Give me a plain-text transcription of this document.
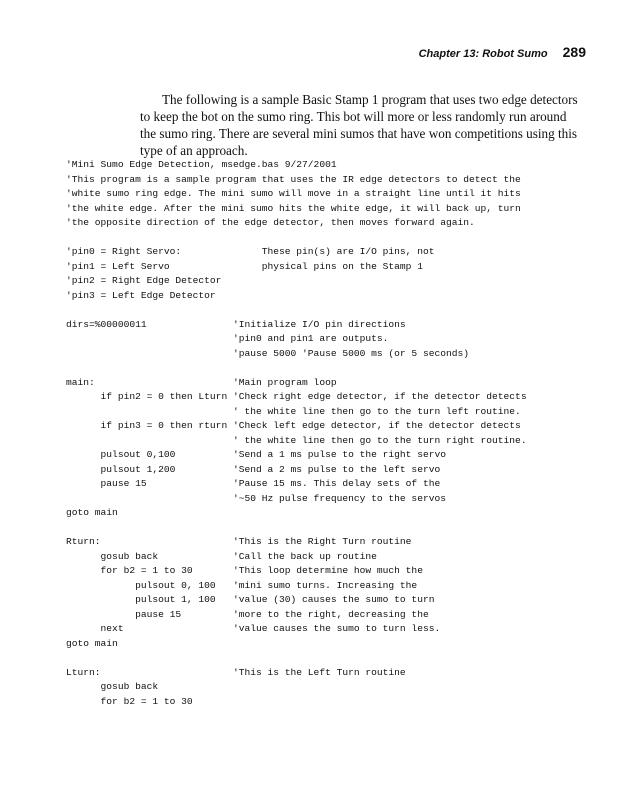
Chapter 13: Robot Sumo 289
The following is a sample Basic Stamp 1 program that uses two edge detectors
to keep the bot on the sumo ring. This bot will more or less randomly run around
the sumo ring. There are several mini sumos that have won competitions using this
type of an approach.
'Mini Sumo Edge Detection, msedge.bas 9/27/2001
'This program is a sample program that uses the IR edge detectors to detect the
'white sumo ring edge. The mini sumo will move in a straight line until it hits
'the white edge. After the mini sumo hits the white edge, it will back up, turn
'the opposite direction of the edge detector, then moves forward again.

'pin0 = Right Servo:              These pin(s) are I/O pins, not
'pin1 = Left Servo                physical pins on the Stamp 1
'pin2 = Right Edge Detector
'pin3 = Left Edge Detector

dirs=%00000011               'Initialize I/O pin directions
'pin0 and pin1 are outputs.
'pause 5000 'Pause 5000 ms (or 5 seconds)

main:                        'Main program loop
if pin2 = 0 then Lturn 'Check right edge detector, if the detector detects
' the white line then go to the turn left routine.
if pin3 = 0 then rturn 'Check left edge detector, if the detector detects
' the white line then go to the turn right routine.
pulsout 0,100          'Send a 1 ms pulse to the right servo
pulsout 1,200          'Send a 2 ms pulse to the left servo
pause 15               'Pause 15 ms. This delay sets of the
'~50 Hz pulse frequency to the servos
goto main

Rturn:                       'This is the Right Turn routine
gosub back             'Call the back up routine
for b2 = 1 to 30       'This loop determine how much the
pulsout 0, 100   'mini sumo turns. Increasing the
pulsout 1, 100   'value (30) causes the sumo to turn
pause 15         'more to the right, decreasing the
next                   'value causes the sumo to turn less.
goto main

Lturn:                       'This is the Left Turn routine
gosub back
for b2 = 1 to 30
